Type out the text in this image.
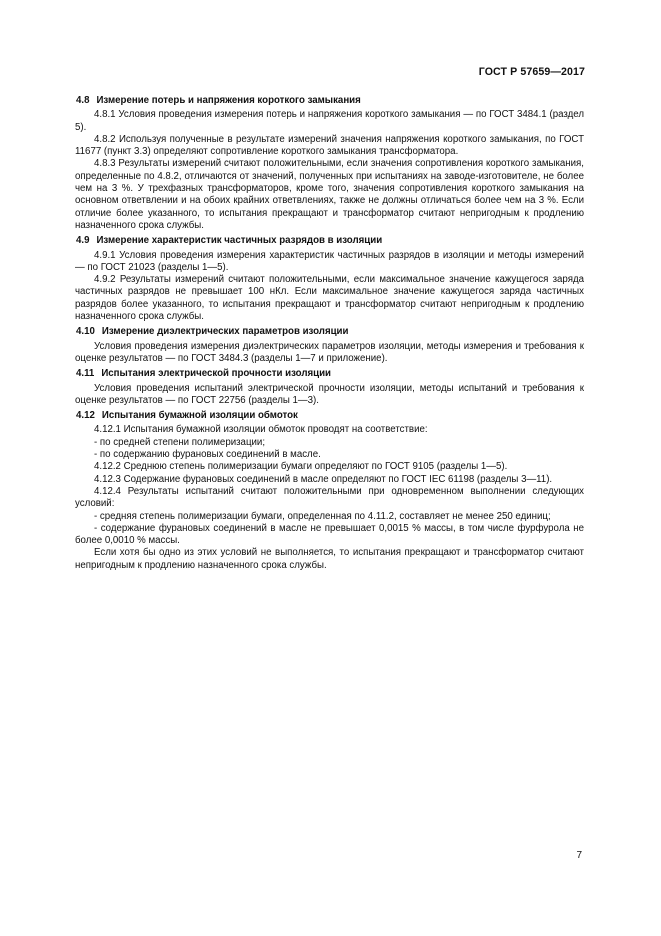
ГОСТ Р 57659—2017
4.8 Измерение потерь и напряжения короткого замыкания

4.8.1 Условия проведения измерения потерь и напряжения короткого замыкания — по ГОСТ 3484.1 (раздел 5).

4.8.2 Используя полученные в результате измерений значения напряжения короткого замыкания, по ГОСТ 11677 (пункт 3.3) определяют сопротивление короткого замыкания трансформатора.

4.8.3 Результаты измерений считают положительными, если значения сопротивления короткого замыкания, определенные по 4.8.2, отличаются от значений, полученных при испытаниях на заводе-изготовителе, не более чем на 3 %. У трехфазных трансформаторов, кроме того, значения сопротивления короткого замыкания на основном ответвлении и на обоих крайних ответвлениях, также не должны отличаться более чем на 3 %. Если отличие более указанного, то испытания прекращают и трансформатор считают непригодным к продлению назначенного срока службы.

4.9 Измерение характеристик частичных разрядов в изоляции

4.9.1 Условия проведения измерения характеристик частичных разрядов в изоляции и методы измерений — по ГОСТ 21023 (разделы 1—5).

4.9.2 Результаты измерений считают положительными, если максимальное значение кажущегося заряда частичных разрядов не превышает 100 нКл. Если максимальное значение кажущегося заряда частичных разрядов более указанного, то испытания прекращают и трансформатор считают непригодным к продлению назначенного срока службы.

4.10 Измерение диэлектрических параметров изоляции

Условия проведения измерения диэлектрических параметров изоляции, методы измерения и требования к оценке результатов — по ГОСТ 3484.3 (разделы 1—7 и приложение).

4.11 Испытания электрической прочности изоляции

Условия проведения испытаний электрической прочности изоляции, методы испытаний и требования к оценке результатов — по ГОСТ 22756 (разделы 1—3).

4.12 Испытания бумажной изоляции обмоток

4.12.1 Испытания бумажной изоляции обмоток проводят на соответствие:

- по средней степени полимеризации;

- по содержанию фурановых соединений в масле.

4.12.2 Среднюю степень полимеризации бумаги определяют по ГОСТ 9105 (разделы 1—5).

4.12.3 Содержание фурановых соединений в масле определяют по ГОСТ IEC 61198 (разделы 3—11).

4.12.4 Результаты испытаний считают положительными при одновременном выполнении следующих условий:

- средняя степень полимеризации бумаги, определенная по 4.11.2, составляет не менее 250 единиц;

- содержание фурановых соединений в масле не превышает 0,0015 % массы, в том числе фурфурола не более 0,0010 % массы.

Если хотя бы одно из этих условий не выполняется, то испытания прекращают и трансформатор считают непригодным к продлению назначенного срока службы.

7
